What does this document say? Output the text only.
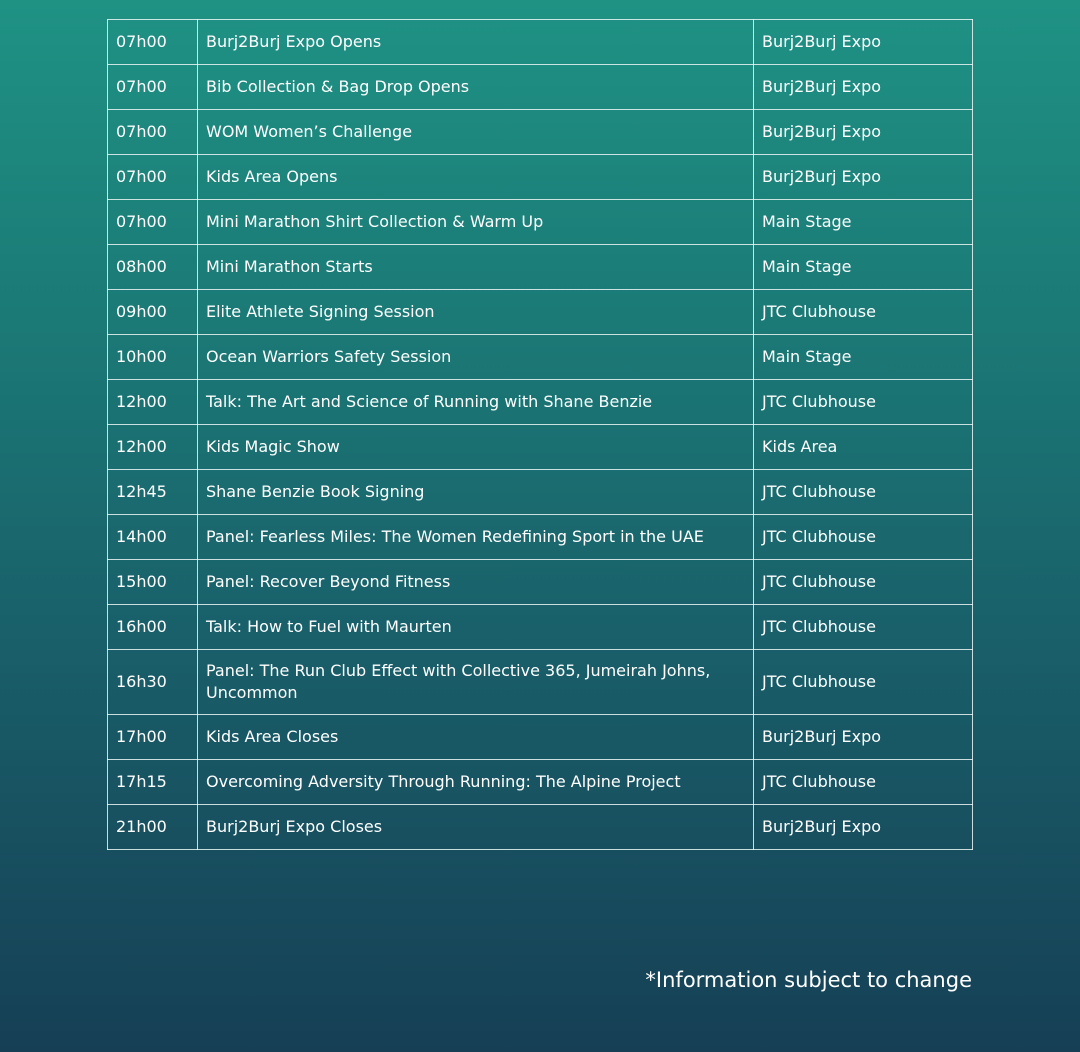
07h00	Burj2Burj Expo Opens	Burj2Burj Expo
07h00	Bib Collection & Bag Drop Opens	Burj2Burj Expo
07h00	WOM Women’s Challenge	Burj2Burj Expo
07h00	Kids Area Opens	Burj2Burj Expo
07h00	Mini Marathon Shirt Collection & Warm Up	Main Stage
08h00	Mini Marathon Starts	Main Stage
09h00	Elite Athlete Signing Session	JTC Clubhouse
10h00	Ocean Warriors Safety Session	Main Stage
12h00	Talk: The Art and Science of Running with Shane Benzie	JTC Clubhouse
12h00	Kids Magic Show	Kids Area
12h45	Shane Benzie Book Signing	JTC Clubhouse
14h00	Panel: Fearless Miles: The Women Redefining Sport in the UAE	JTC Clubhouse
15h00	Panel: Recover Beyond Fitness	JTC Clubhouse
16h00	Talk: How to Fuel with Maurten	JTC Clubhouse
16h30	Panel: The Run Club Effect with Collective 365, Jumeirah Johns, Uncommon	JTC Clubhouse
17h00	Kids Area Closes	Burj2Burj Expo
17h15	Overcoming Adversity Through Running: The Alpine Project	JTC Clubhouse
21h00	Burj2Burj Expo Closes	Burj2Burj Expo
*Information subject to change
